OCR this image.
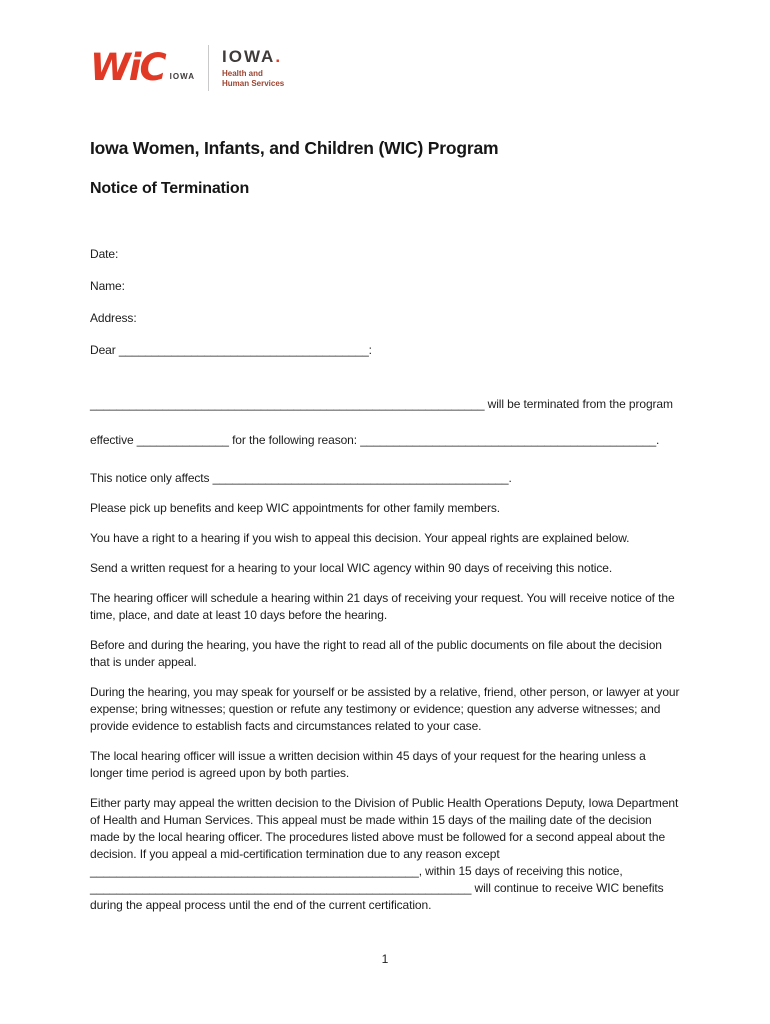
WiC IOWA
IOWA.
Health and
Human Services
Iowa Women, Infants, and Children (WIC) Program
Notice of Termination
Date:
Name:
Address:
Dear ______________________________________:

____________________________________________________________ will be terminated from the program

effective ______________ for the following reason: _____________________________________________.

This notice only affects _____________________________________________.

Please pick up benefits and keep WIC appointments for other family members.

You have a right to a hearing if you wish to appeal this decision. Your appeal rights are explained below.

Send a written request for a hearing to your local WIC agency within 90 days of receiving this notice.

The hearing officer will schedule a hearing within 21 days of receiving your request. You will receive notice of the time, place, and date at least 10 days before the hearing.

Before and during the hearing, you have the right to read all of the public documents on file about the decision that is under appeal.

During the hearing, you may speak for yourself or be assisted by a relative, friend, other person, or lawyer at your expense; bring witnesses; question or refute any testimony or evidence; question any adverse witnesses; and provide evidence to establish facts and circumstances related to your case.

The local hearing officer will issue a written decision within 45 days of your request for the hearing unless a longer time period is agreed upon by both parties.

Either party may appeal the written decision to the Division of Public Health Operations Deputy, Iowa Department of Health and Human Services. This appeal must be made within 15 days of the mailing date of the decision made by the local hearing officer. The procedures listed above must be followed for a second appeal about the decision. If you appeal a mid-certification termination due to any reason except __________________________________________________, within 15 days of receiving this notice, __________________________________________________________ will continue to receive WIC benefits during the appeal process until the end of the current certification.

1
